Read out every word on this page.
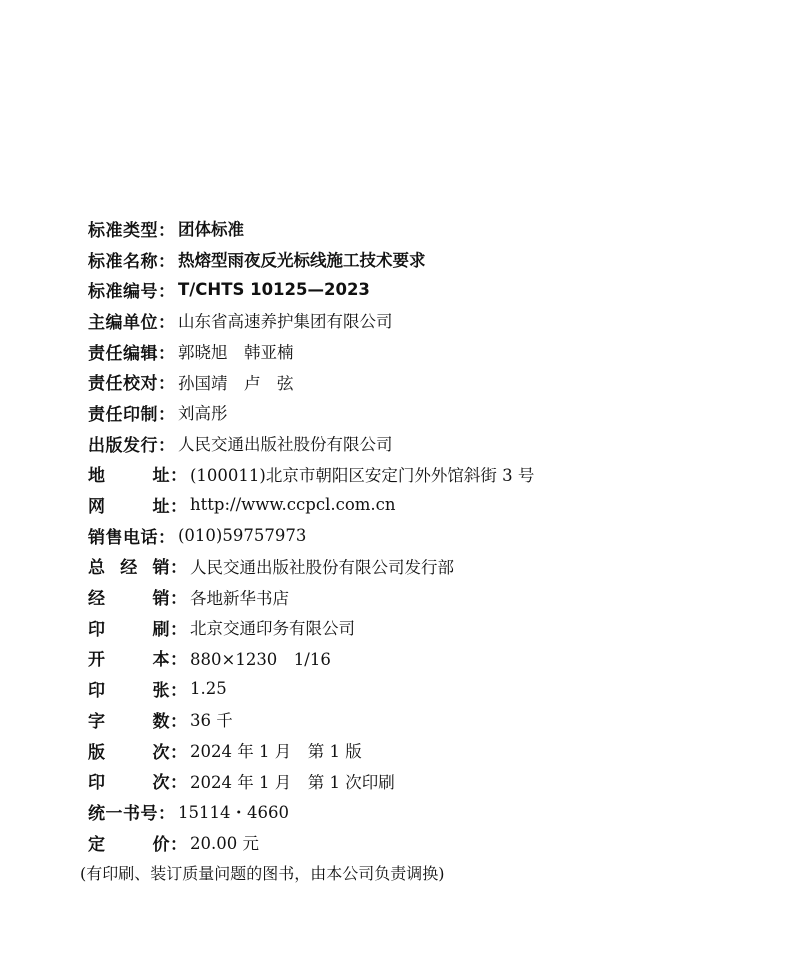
标准类型 ： 团体标准
标准名称 ： 热熔型雨夜反光标线施工技术要求
标准编号 ： T/CHTS 10125—2023
主编单位 ： 山东省高速养护集团有限公司
责任编辑 ： 郭晓旭　韩亚楠
责任校对 ： 孙国靖　卢　弦
责任印制 ： 刘高彤
出版发行 ： 人民交通出版社股份有限公司
地	址 ： (100011)北京市朝阳区安定门外外馆斜街 3 号
网	址 ： http://www.ccpcl.com.cn
销售电话 ： (010)59757973
总 经 销 ： 人民交通出版社股份有限公司发行部
经	销 ： 各地新华书店
印	刷 ： 北京交通印务有限公司
开	本 ： 880×1230　1/16
印	张 ： 1.25
字	数 ： 36 千
版	次 ： 2024 年 1 月　第 1 版
印	次 ： 2024 年 1 月　第 1 次印刷
统一书号 ： 15114・4660
定	价 ： 20.00 元
(有印刷、装订质量问题的图书，由本公司负责调换)
